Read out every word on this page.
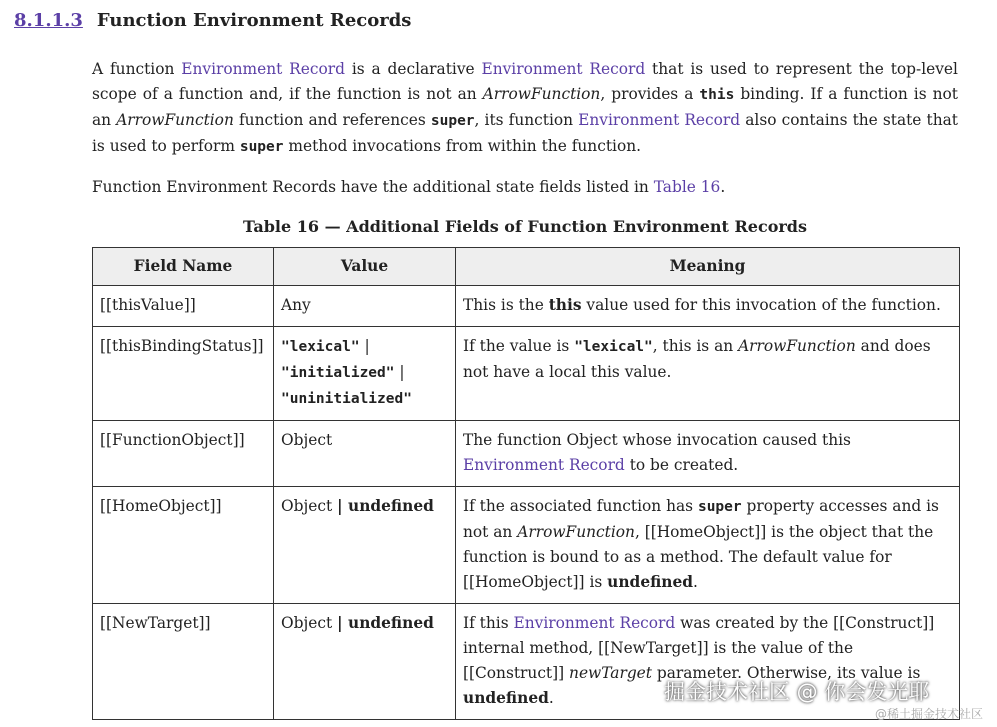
8.1.1.3 Function Environment Records

A function Environment Record is a declarative Environment Record that is used to represent the top-level scope of a function and, if the function is not an ArrowFunction, provides a this binding. If a function is not an ArrowFunction function and references super, its function Environment Record also contains the state that is used to perform super method invocations from within the function.

Function Environment Records have the additional state fields listed in Table 16.

Table 16 — Additional Fields of Function Environment Records
Field Name	Value	Meaning
[[thisValue]]	Any	This is the this value used for this invocation of the function.
[[thisBindingStatus]]	"lexical" |
"initialized" |
"uninitialized"	If the value is "lexical", this is an ArrowFunction and does not have a local this value.
[[FunctionObject]]	Object	The function Object whose invocation caused this Environment Record to be created.
[[HomeObject]]	Object | undefined	If the associated function has super property accesses and is not an ArrowFunction, [[HomeObject]] is the object that the function is bound to as a method. The default value for [[HomeObject]] is undefined.
[[NewTarget]]	Object | undefined	If this Environment Record was created by the [[Construct]] internal method, [[NewTarget]] is the value of the [[Construct]] newTarget parameter. Otherwise, its value is undefined.	掘金技术社区 @ 你会发光耶
@稀土掘金技术社区
